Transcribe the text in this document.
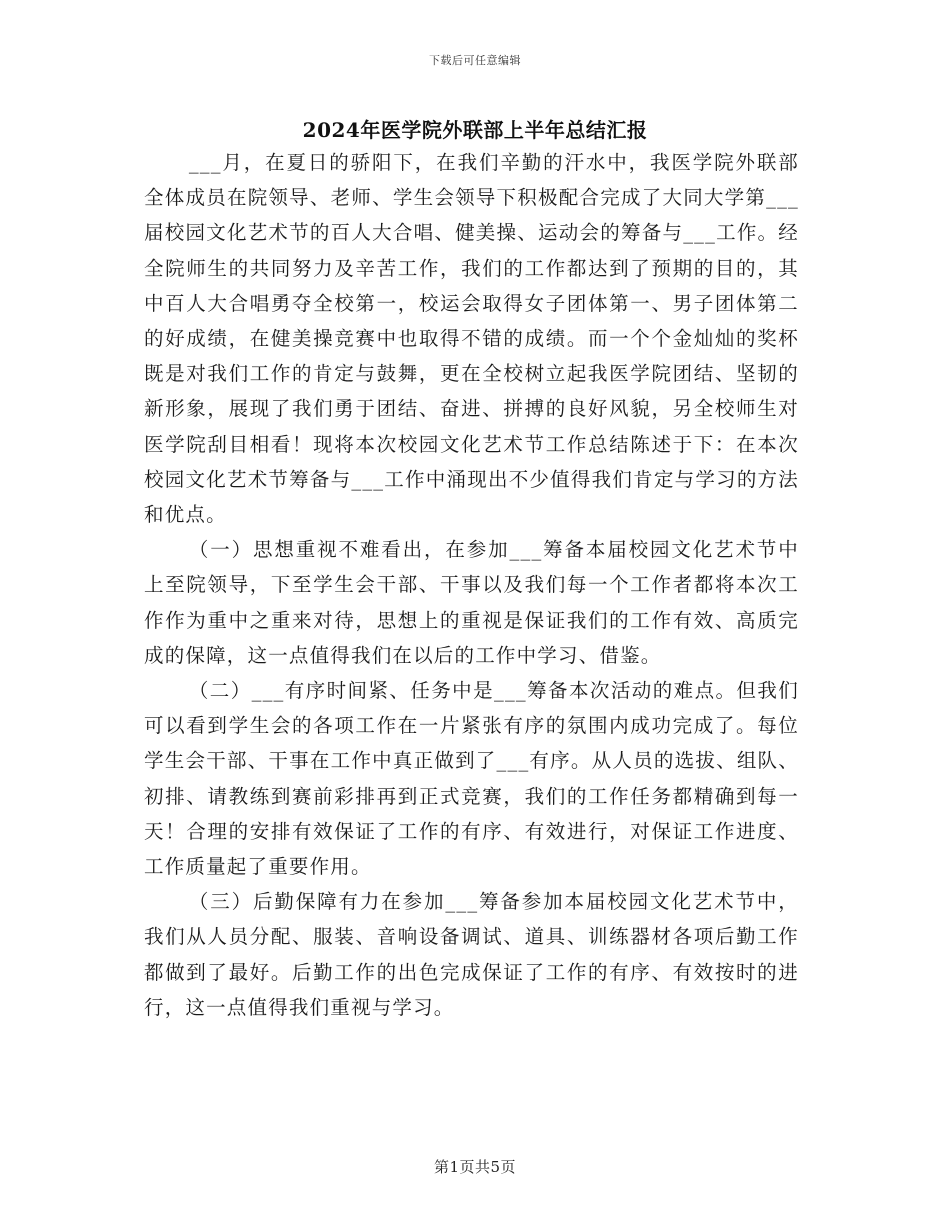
下载后可任意编辑
2024年医学院外联部上半年总结汇报

___月，在夏日的骄阳下，在我们辛勤的汗水中，我医学院外联部全体成员在院领导、老师、学生会领导下积极配合完成了大同大学第___届校园文化艺术节的百人大合唱、健美操、运动会的筹备与___工作。经全院师生的共同努力及辛苦工作，我们的工作都达到了预期的目的，其中百人大合唱勇夺全校第一，校运会取得女子团体第一、男子团体第二的好成绩，在健美操竞赛中也取得不错的成绩。而一个个金灿灿的奖杯既是对我们工作的肯定与鼓舞，更在全校树立起我医学院团结、坚韧的新形象，展现了我们勇于团结、奋进、拼搏的良好风貌，另全校师生对医学院刮目相看！现将本次校园文化艺术节工作总结陈述于下：在本次校园文化艺术节筹备与___工作中涌现出不少值得我们肯定与学习的方法和优点。

（一）思想重视不难看出，在参加___筹备本届校园文化艺术节中上至院领导，下至学生会干部、干事以及我们每一个工作者都将本次工作作为重中之重来对待，思想上的重视是保证我们的工作有效、高质完成的保障，这一点值得我们在以后的工作中学习、借鉴。

（二）___有序时间紧、任务中是___筹备本次活动的难点。但我们可以看到学生会的各项工作在一片紧张有序的氛围内成功完成了。每位学生会干部、干事在工作中真正做到了___有序。从人员的选拔、组队、初排、请教练到赛前彩排再到正式竞赛，我们的工作任务都精确到每一天！合理的安排有效保证了工作的有序、有效进行，对保证工作进度、工作质量起了重要作用。

（三）后勤保障有力在参加___筹备参加本届校园文化艺术节中，我们从人员分配、服装、音响设备调试、道具、训练器材各项后勤工作都做到了最好。后勤工作的出色完成保证了工作的有序、有效按时的进行，这一点值得我们重视与学习。

第1页共5页
